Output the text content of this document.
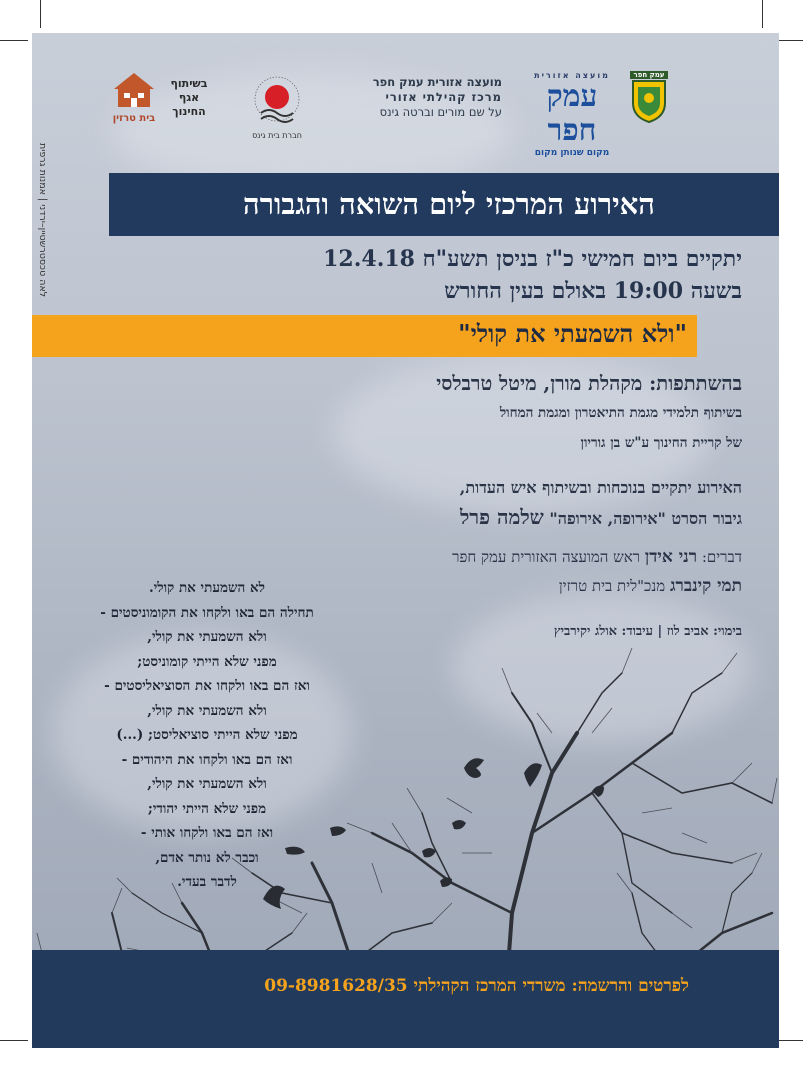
לאה טכסטרשטיין–ירדני | אמנות גרפית
בית טרזין
בשיתוף
אגף
החינוך
חברת בית גינס
מועצה אזורית עמק חפר
מרכז קהילתי אזורי
על שם מורים וברטה גינס
מועצה אזורית
עמק חפר
מקום שנותן מקום
עמק חפר
האירוע המרכזי ליום השואה והגבורה
יתקיים ביום חמישי כ"ז בניסן תשע"ח 12.4.18
בשעה 19:00 באולם בעין החורש
"ולא השמעתי את קולי"
בהשתתפות: מקהלת מורן, מיטל טרבלסי
בשיתוף תלמידי מגמת התיאטרון ומגמת המחול
של קריית החינוך ע"ש בן גוריון
האירוע יתקיים בנוכחות ובשיתוף איש העדות,
גיבור הסרט "אירופה, אירופה" שלמה פרל
דברים: רני אידן ראש המועצה האזורית עמק חפר
תמי קינברג מנכ"לית בית טרזין
בימוי: אביב לוז | עיבוד: אולג יקירביץ
לא השמעתי את קולי.
תחילה הם באו ולקחו את הקומוניסטים -
ולא השמעתי את קולי,
מפני שלא הייתי קומוניסט;
ואז הם באו ולקחו את הסוציאליסטים -
ולא השמעתי את קולי,
מפני שלא הייתי סוציאליסט; (...)
ואז הם באו ולקחו את היהודים -
ולא השמעתי את קולי,
מפני שלא הייתי יהודי;
ואז הם באו ולקחו אותי -
וכבר לא נותר אדם,
לדבר בעדי.
לפרטים והרשמה: משרדי המרכז הקהילתי 09-8981628/35
